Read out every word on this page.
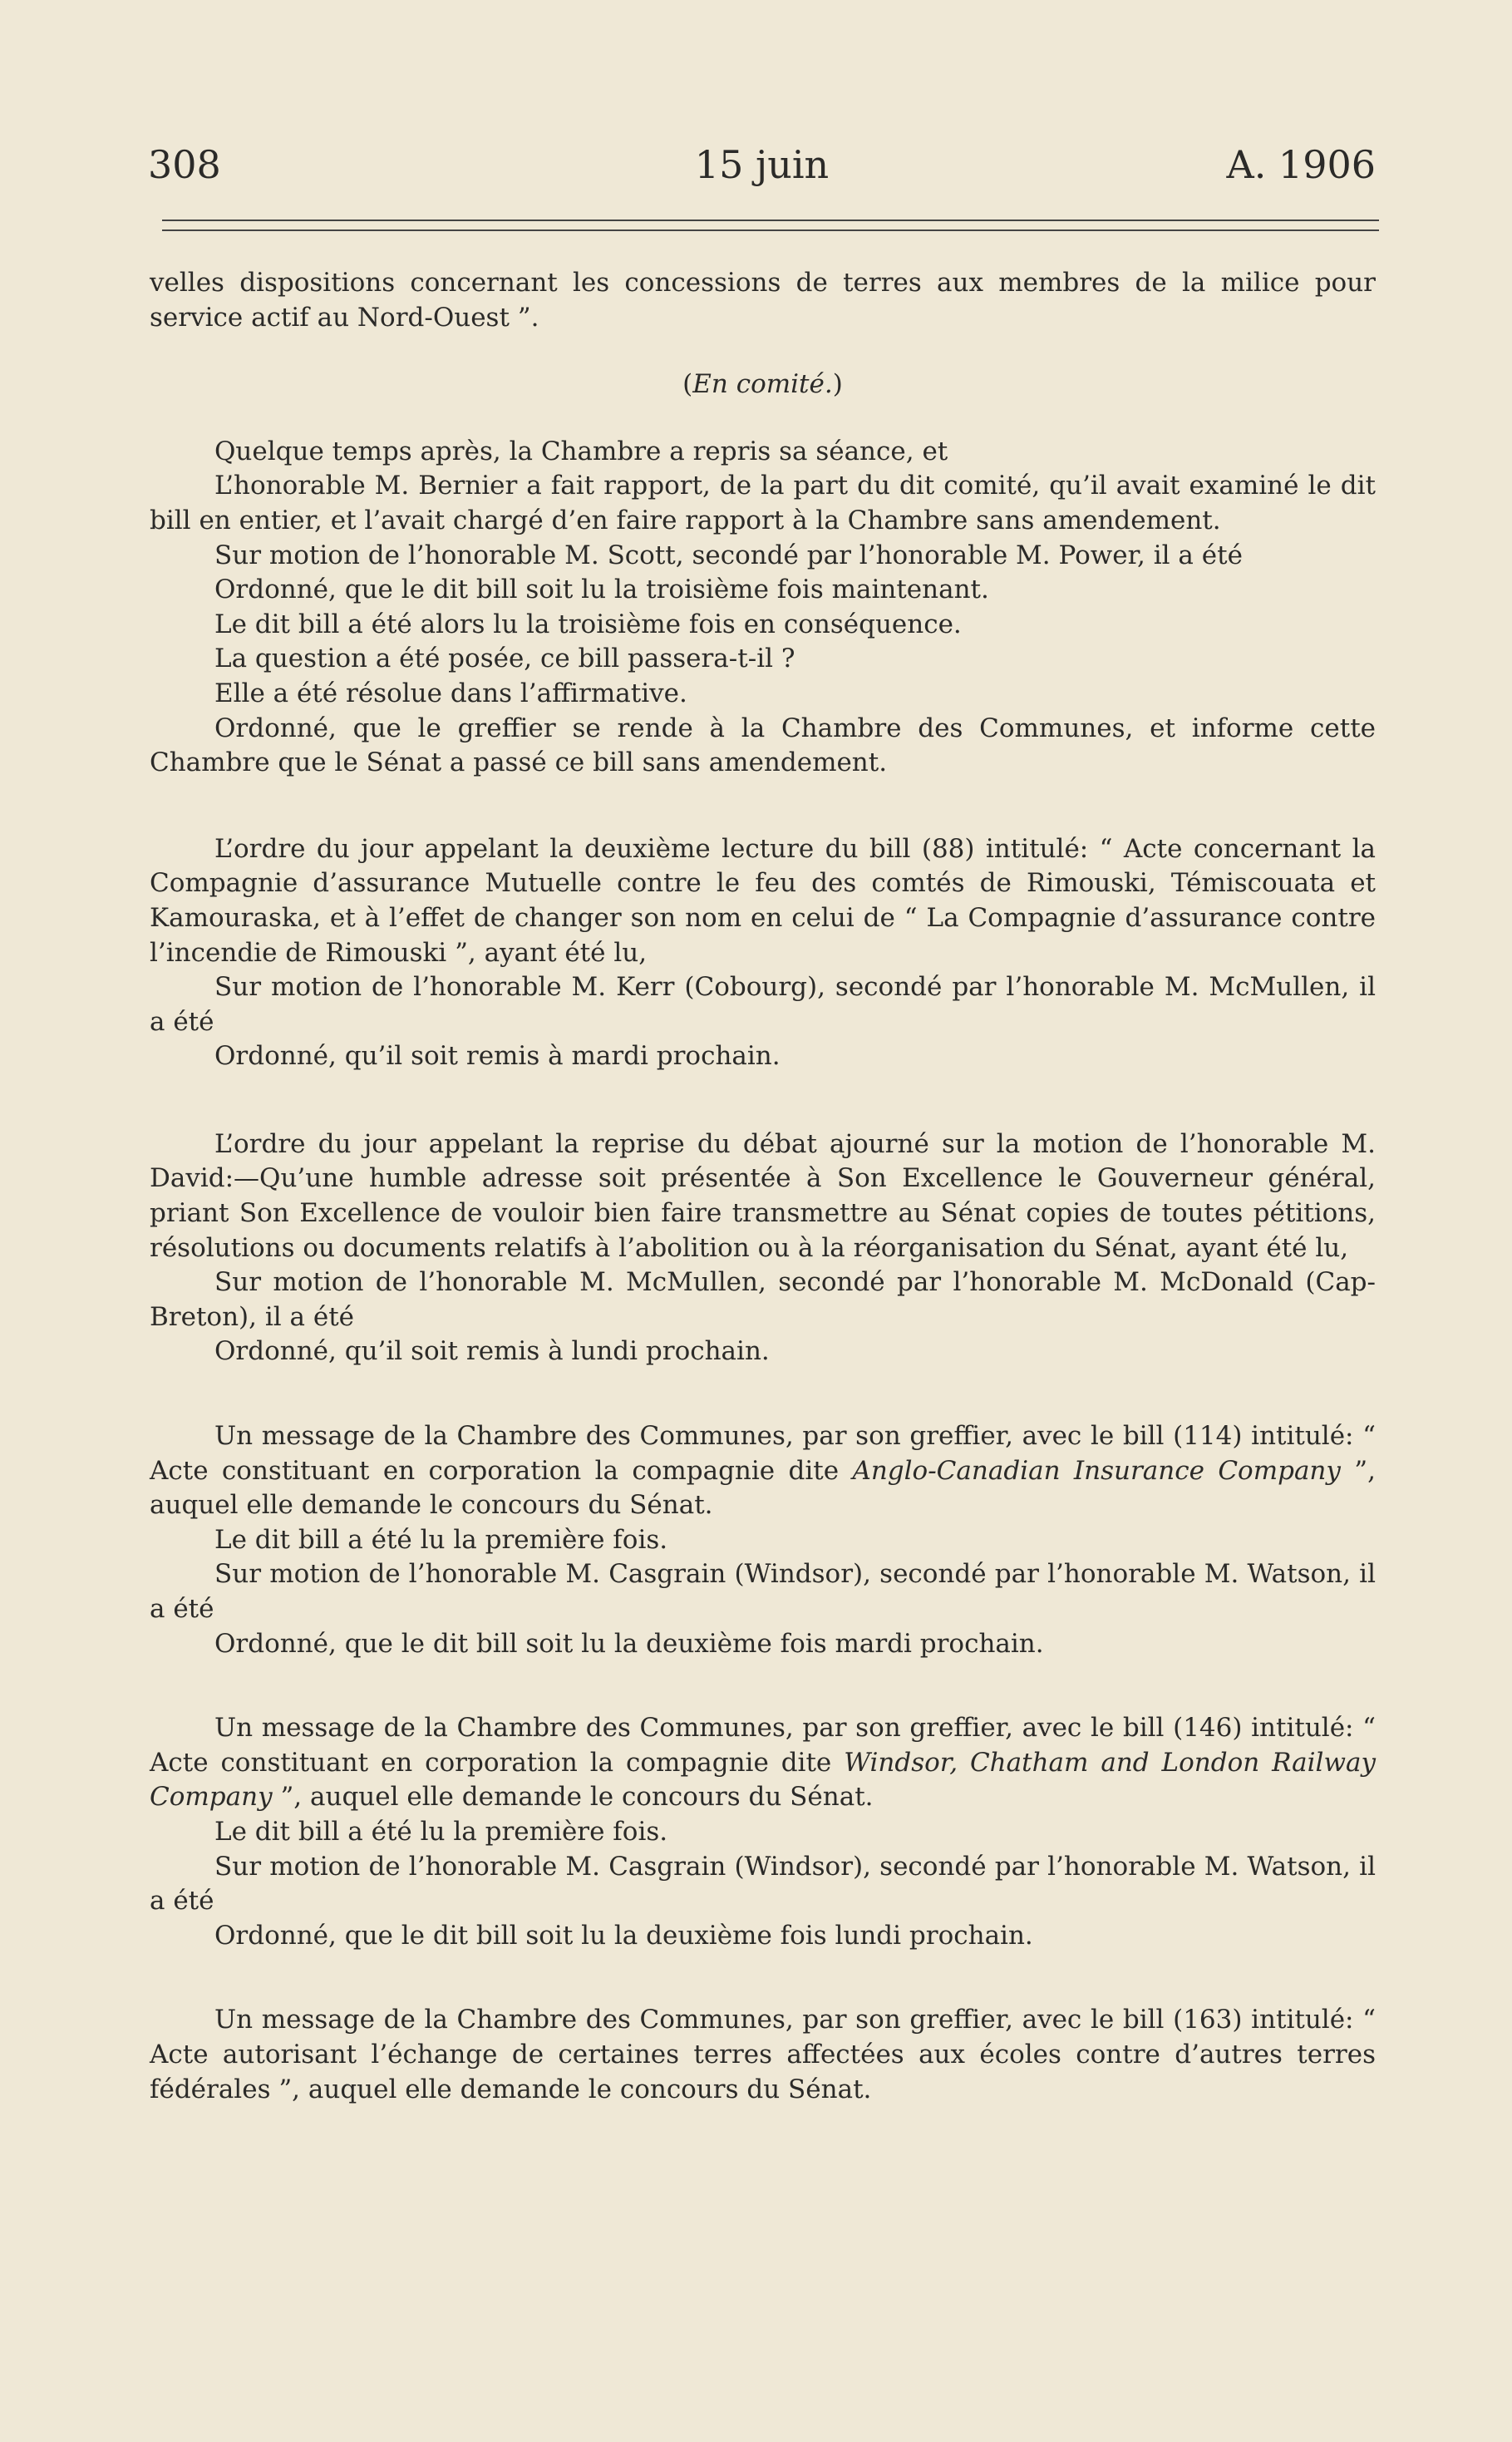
308	15 juin	A. 1906

velles dispositions concernant les concessions de terres aux membres de la milice pour service actif au Nord-Ouest ”.

(En comité.)

Quelque temps après, la Chambre a repris sa séance, et

L’honorable M. Bernier a fait rapport, de la part du dit comité, qu’il avait examiné le dit bill en entier, et l’avait chargé d’en faire rapport à la Chambre sans amendement.

Sur motion de l’honorable M. Scott, secondé par l’honorable M. Power, il a été

Ordonné, que le dit bill soit lu la troisième fois maintenant.

Le dit bill a été alors lu la troisième fois en conséquence.

La question a été posée, ce bill passera-t-il ?

Elle a été résolue dans l’affirmative.

Ordonné, que le greffier se rende à la Chambre des Communes, et informe cette Chambre que le Sénat a passé ce bill sans amendement.

L’ordre du jour appelant la deuxième lecture du bill (88) intitulé: “ Acte concernant la Compagnie d’assurance Mutuelle contre le feu des comtés de Rimouski, Témiscouata et Kamouraska, et à l’effet de changer son nom en celui de “ La Compagnie d’assurance contre l’incendie de Rimouski ”, ayant été lu,

Sur motion de l’honorable M. Kerr (Cobourg), secondé par l’honorable M. McMullen, il a été

Ordonné, qu’il soit remis à mardi prochain.

L’ordre du jour appelant la reprise du débat ajourné sur la motion de l’honorable M. David:—Qu’une humble adresse soit présentée à Son Excellence le Gouverneur général, priant Son Excellence de vouloir bien faire transmettre au Sénat copies de toutes pétitions, résolutions ou documents relatifs à l’abolition ou à la réorganisation du Sénat, ayant été lu,

Sur motion de l’honorable M. McMullen, secondé par l’honorable M. McDonald (Cap-Breton), il a été

Ordonné, qu’il soit remis à lundi prochain.

Un message de la Chambre des Communes, par son greffier, avec le bill (114) intitulé: “ Acte constituant en corporation la compagnie dite Anglo-Canadian Insurance Company ”, auquel elle demande le concours du Sénat.

Le dit bill a été lu la première fois.

Sur motion de l’honorable M. Casgrain (Windsor), secondé par l’honorable M. Watson, il a été

Ordonné, que le dit bill soit lu la deuxième fois mardi prochain.

Un message de la Chambre des Communes, par son greffier, avec le bill (146) intitulé: “ Acte constituant en corporation la compagnie dite Windsor, Chatham and London Railway Company ”, auquel elle demande le concours du Sénat.

Le dit bill a été lu la première fois.

Sur motion de l’honorable M. Casgrain (Windsor), secondé par l’honorable M. Watson, il a été

Ordonné, que le dit bill soit lu la deuxième fois lundi prochain.

Un message de la Chambre des Communes, par son greffier, avec le bill (163) intitulé: “ Acte autorisant l’échange de certaines terres affectées aux écoles contre d’autres terres fédérales ”, auquel elle demande le concours du Sénat.
